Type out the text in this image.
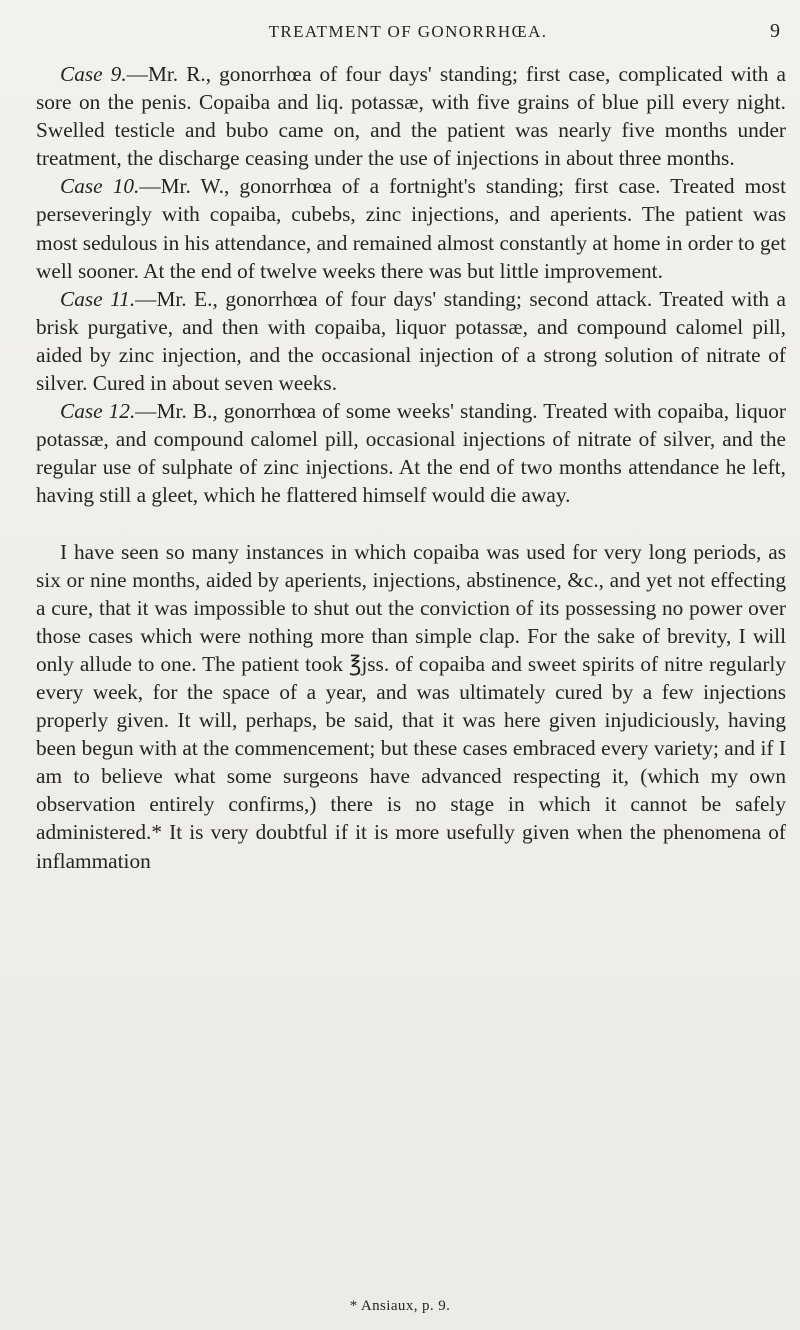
TREATMENT OF GONORRHŒA.	9

Case 9.—Mr. R., gonorrhœa of four days' standing; first case, complicated with a sore on the penis. Copaiba and liq. potassæ, with five grains of blue pill every night. Swelled testicle and bubo came on, and the patient was nearly five months under treatment, the discharge ceasing under the use of injections in about three months.

Case 10.—Mr. W., gonorrhœa of a fortnight's standing; first case. Treated most perseveringly with copaiba, cubebs, zinc injections, and aperients. The patient was most sedulous in his attendance, and remained almost constantly at home in order to get well sooner. At the end of twelve weeks there was but little improvement.

Case 11.—Mr. E., gonorrhœa of four days' standing; second attack. Treated with a brisk purgative, and then with copaiba, liquor potassæ, and compound calomel pill, aided by zinc injection, and the occasional injection of a strong solution of nitrate of silver. Cured in about seven weeks.

Case 12.—Mr. B., gonorrhœa of some weeks' standing. Treated with copaiba, liquor potassæ, and compound calomel pill, occasional injections of nitrate of silver, and the regular use of sulphate of zinc injections. At the end of two months attendance he left, having still a gleet, which he flattered himself would die away.

I have seen so many instances in which copaiba was used for very long periods, as six or nine months, aided by aperients, injections, abstinence, &c., and yet not effecting a cure, that it was impossible to shut out the conviction of its possessing no power over those cases which were nothing more than simple clap. For the sake of brevity, I will only allude to one. The patient took ℥jss. of copaiba and sweet spirits of nitre regularly every week, for the space of a year, and was ultimately cured by a few injections properly given. It will, perhaps, be said, that it was here given injudiciously, having been begun with at the commencement; but these cases embraced every variety; and if I am to believe what some surgeons have advanced respecting it, (which my own observation entirely confirms,) there is no stage in which it cannot be safely administered.* It is very doubtful if it is more usefully given when the phenomena of inflammation

* Ansiaux, p. 9.
